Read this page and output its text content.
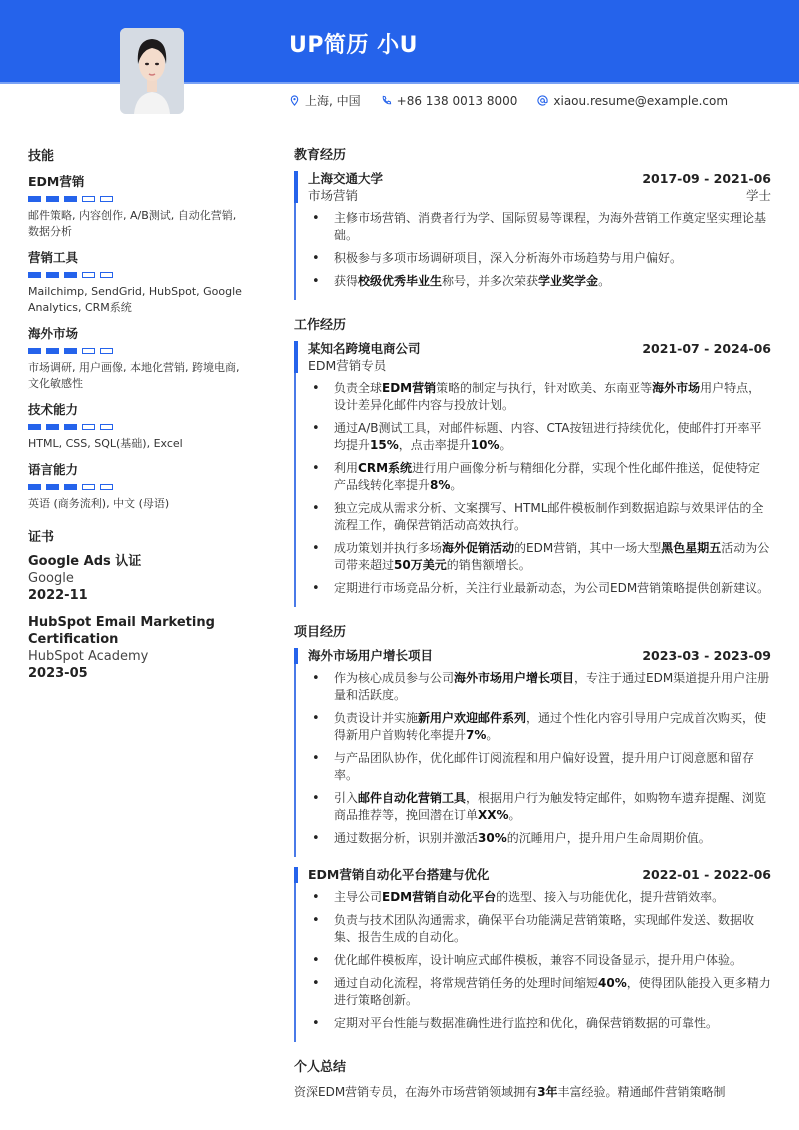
UP简历 小U
上海, 中国	+86 138 0013 8000	xiaou.resume@example.com
技能
EDM营销
邮件策略, 内容创作, A/B测试, 自动化营销, 数据分析
营销工具
Mailchimp, SendGrid, HubSpot, Google Analytics, CRM系统
海外市场
市场调研, 用户画像, 本地化营销, 跨境电商, 文化敏感性
技术能力
HTML, CSS, SQL(基础), Excel
语言能力
英语 (商务流利), 中文 (母语)
证书
Google Ads 认证
Google
2022-11
HubSpot Email Marketing Certification
HubSpot Academy
2023-05
教育经历
上海交通大学	2017-09 - 2021-06
市场营销	学士
• 主修市场营销、消费者行为学、国际贸易等课程，为海外营销工作奠定坚实理论基础。
• 积极参与多项市场调研项目，深入分析海外市场趋势与用户偏好。
• 获得校级优秀毕业生称号，并多次荣获学业奖学金。
工作经历
某知名跨境电商公司	2021-07 - 2024-06
EDM营销专员
• 负责全球EDM营销策略的制定与执行，针对欧美、东南亚等海外市场用户特点，设计差异化邮件内容与投放计划。
• 通过A/B测试工具，对邮件标题、内容、CTA按钮进行持续优化，使邮件打开率平均提升15%，点击率提升10%。
• 利用CRM系统进行用户画像分析与精细化分群，实现个性化邮件推送，促使特定产品线转化率提升8%。
• 独立完成从需求分析、文案撰写、HTML邮件模板制作到数据追踪与效果评估的全流程工作，确保营销活动高效执行。
• 成功策划并执行多场海外促销活动的EDM营销，其中一场大型黑色星期五活动为公司带来超过50万美元的销售额增长。
• 定期进行市场竞品分析，关注行业最新动态，为公司EDM营销策略提供创新建议。
项目经历
海外市场用户增长项目	2023-03 - 2023-09
• 作为核心成员参与公司海外市场用户增长项目，专注于通过EDM渠道提升用户注册量和活跃度。
• 负责设计并实施新用户欢迎邮件系列，通过个性化内容引导用户完成首次购买，使得新用户首购转化率提升7%。
• 与产品团队协作，优化邮件订阅流程和用户偏好设置，提升用户订阅意愿和留存率。
• 引入邮件自动化营销工具，根据用户行为触发特定邮件，如购物车遗弃提醒、浏览商品推荐等，挽回潜在订单XX%。
• 通过数据分析，识别并激活30%的沉睡用户，提升用户生命周期价值。
EDM营销自动化平台搭建与优化	2022-01 - 2022-06
• 主导公司EDM营销自动化平台的选型、接入与功能优化，提升营销效率。
• 负责与技术团队沟通需求，确保平台功能满足营销策略，实现邮件发送、数据收集、报告生成的自动化。
• 优化邮件模板库，设计响应式邮件模板，兼容不同设备显示，提升用户体验。
• 通过自动化流程，将常规营销任务的处理时间缩短40%，使得团队能投入更多精力进行策略创新。
• 定期对平台性能与数据准确性进行监控和优化，确保营销数据的可靠性。
个人总结
资深EDM营销专员，在海外市场营销领域拥有3年丰富经验。精通邮件营销策略制
